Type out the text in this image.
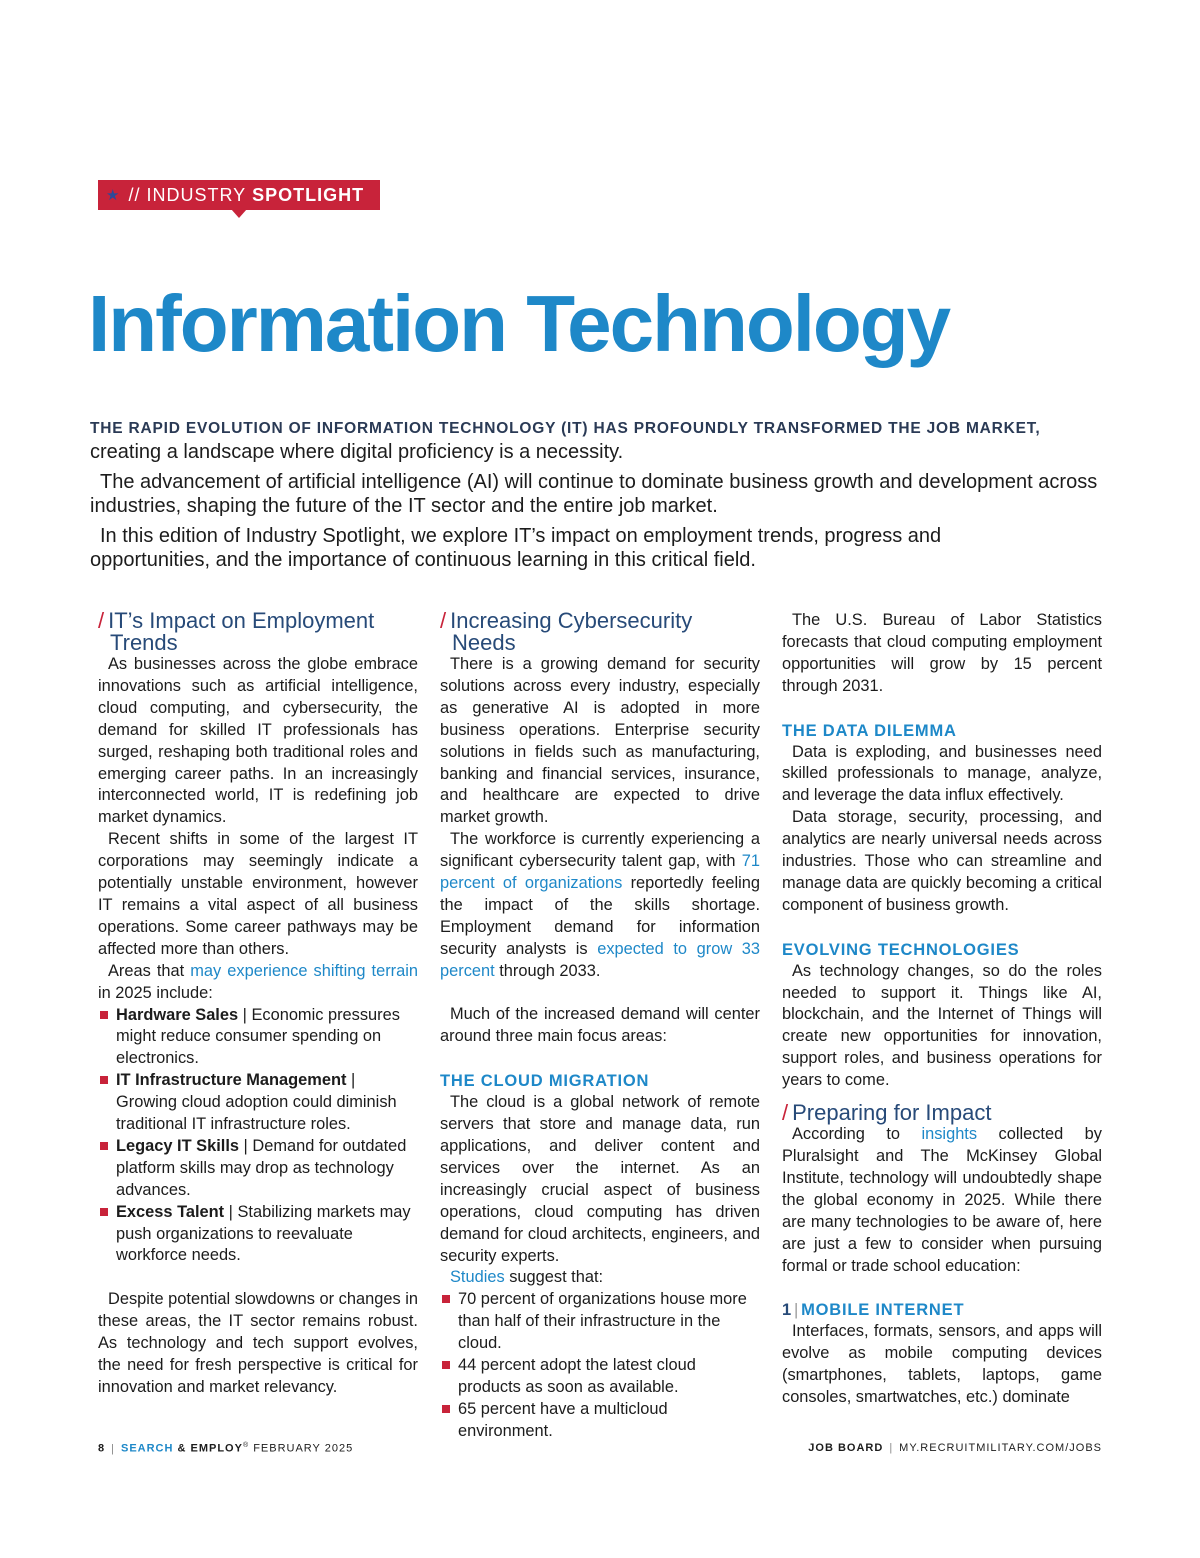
★ // INDUSTRY SPOTLIGHT
Information Technology
THE RAPID EVOLUTION OF INFORMATION TECHNOLOGY (IT) HAS PROFOUNDLY TRANSFORMED THE JOB MARKET,

creating a landscape where digital proficiency is a necessity.

The advancement of artificial intelligence (AI) will continue to dominate business growth and development across industries, shaping the future of the IT sector and the entire job market.

In this edition of Industry Spotlight, we explore IT’s impact on employment trends, progress and opportunities, and the importance of continuous learning in this critical field.

/ IT’s Impact on Employment Trends

As businesses across the globe embrace innovations such as artificial intelligence, cloud computing, and cybersecurity, the demand for skilled IT professionals has surged, reshaping both traditional roles and emerging career paths. In an increasingly interconnected world, IT is redefining job market dynamics.

Recent shifts in some of the largest IT corporations may seemingly indicate a potentially unstable environment, however IT remains a vital aspect of all business operations. Some career pathways may be affected more than others.

Areas that may experience shifting terrain in 2025 include:

Hardware Sales | Economic pressures might reduce consumer spending on electronics.
IT Infrastructure Management | Growing cloud adoption could diminish traditional IT infrastructure roles.
Legacy IT Skills | Demand for outdated platform skills may drop as technology advances.
Excess Talent | Stabilizing markets may push organizations to reevaluate workforce needs.

Despite potential slowdowns or changes in these areas, the IT sector remains robust. As technology and tech support evolves, the need for fresh perspective is critical for innovation and market relevancy.

/ Increasing Cybersecurity Needs

There is a growing demand for security solutions across every industry, especially as generative AI is adopted in more business operations. Enterprise security solutions in fields such as manufacturing, banking and financial services, insurance, and healthcare are expected to drive market growth.

The workforce is currently experiencing a significant cybersecurity talent gap, with 71 percent of organizations reportedly feeling the impact of the skills shortage. Employment demand for information security analysts is expected to grow 33 percent through 2033.

Much of the increased demand will center around three main focus areas:

THE CLOUD MIGRATION

The cloud is a global network of remote servers that store and manage data, run applications, and deliver content and services over the internet. As an increasingly crucial aspect of business operations, cloud computing has driven demand for cloud architects, engineers, and security experts.

Studies suggest that:

70 percent of organizations house more than half of their infrastructure in the cloud.
44 percent adopt the latest cloud products as soon as available.
65 percent have a multicloud environment.

The U.S. Bureau of Labor Statistics forecasts that cloud computing employment opportunities will grow by 15 percent through 2031.

THE DATA DILEMMA

Data is exploding, and businesses need skilled professionals to manage, analyze, and leverage the data influx effectively.

Data storage, security, processing, and analytics are nearly universal needs across industries. Those who can streamline and manage data are quickly becoming a critical component of business growth.

EVOLVING TECHNOLOGIES

As technology changes, so do the roles needed to support it. Things like AI, blockchain, and the Internet of Things will create new opportunities for innovation, support roles, and business operations for years to come.

/ Preparing for Impact

According to insights collected by Pluralsight and The McKinsey Global Institute, technology will undoubtedly shape the global economy in 2025. While there are many technologies to be aware of, here are just a few to consider when pursuing formal or trade school education:

1 | MOBILE INTERNET

Interfaces, formats, sensors, and apps will evolve as mobile computing devices (smartphones, tablets, laptops, game consoles, smartwatches, etc.) dominate

8 | SEARCH & EMPLOY® FEBRUARY 2025	JOB BOARD | MY.RECRUITMILITARY.COM/JOBS
